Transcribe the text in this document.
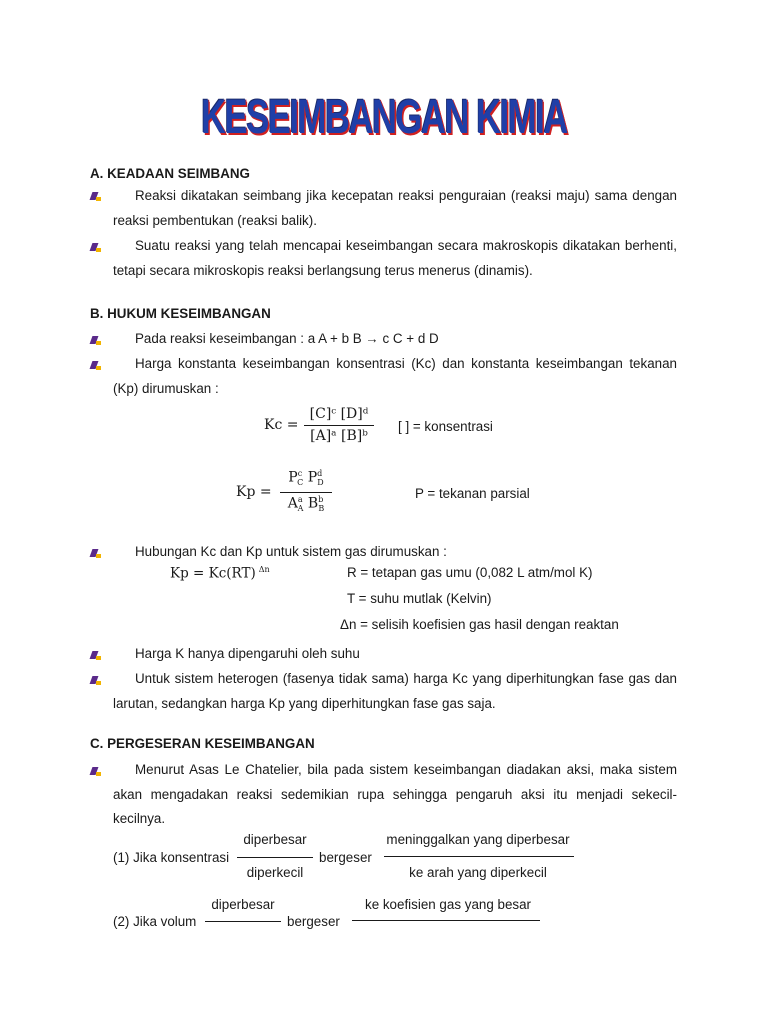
KESEIMBANGAN KIMIA
A. KEADAAN SEIMBANG
Reaksi dikatakan seimbang jika kecepatan reaksi penguraian (reaksi maju) sama dengan reaksi pembentukan (reaksi balik).
Suatu reaksi yang telah mencapai keseimbangan secara makroskopis dikatakan berhenti, tetapi secara mikroskopis reaksi berlangsung terus menerus (dinamis).
B. HUKUM KESEIMBANGAN
Pada reaksi keseimbangan : a A + b B → c C + d D
Harga konstanta keseimbangan konsentrasi (Kc) dan konstanta keseimbangan tekanan (Kp) dirumuskan :
Kc =
[C]ᶜ [D]ᵈ
[A]ᵃ [B]ᵇ
[ ] = konsentrasi
Kp =
$P^c_C$ $P^d_D$
$A^a_A$ $B^b_B$
P = tekanan parsial
Hubungan Kc dan Kp untuk sistem gas dirumuskan :
Kp = Kc(RT) $^{\Delta n}$	R = tetapan gas umu (0,082 L atm/mol K)
T = suhu mutlak (Kelvin)
Δn = selisih koefisien gas hasil dengan reaktan
Harga K hanya dipengaruhi oleh suhu
Untuk sistem heterogen (fasenya tidak sama) harga Kc yang diperhitungkan fase gas dan larutan, sedangkan harga Kp yang diperhitungkan fase gas saja.
C. PERGESERAN KESEIMBANGAN
Menurut Asas Le Chatelier, bila pada sistem keseimbangan diadakan aksi, maka sistem akan mengadakan reaksi sedemikian rupa sehingga pengaruh aksi itu menjadi sekecil-kecilnya.
(1) Jika konsentrasi
diperbesar
diperkecil
bergeser
meninggalkan yang diperbesar
ke arah yang diperkecil
(2) Jika volum
diperbesar
bergeser
ke koefisien gas yang besar
